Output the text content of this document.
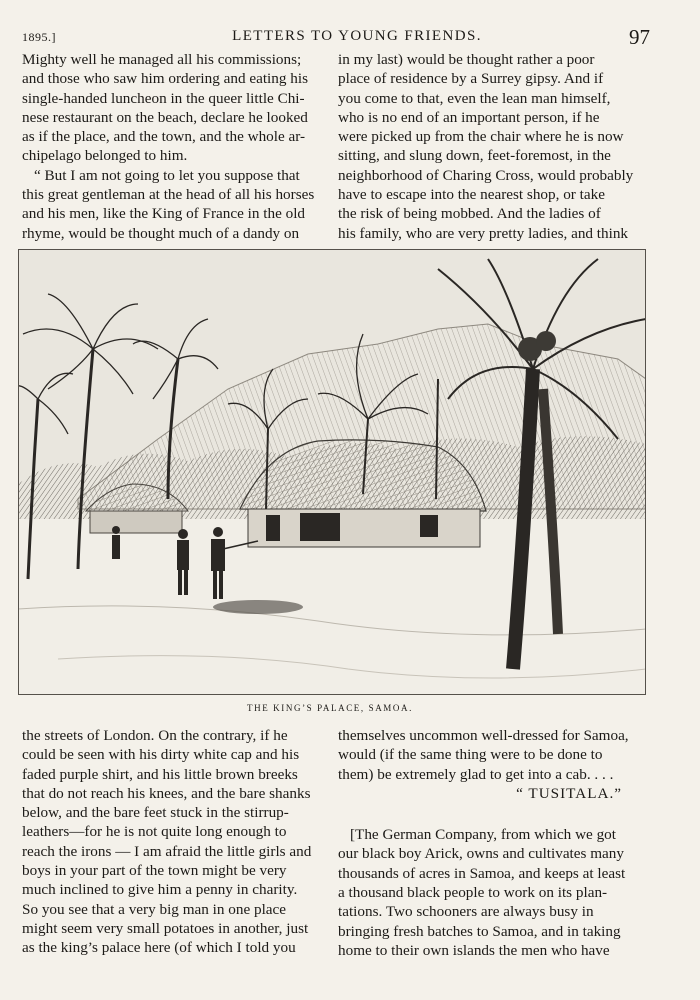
1895.]	LETTERS TO YOUNG FRIENDS.	97

Mighty well he managed all his commissions;
and those who saw him ordering and eating his
single-handed luncheon in the queer little Chi-
nese restaurant on the beach, declare he looked
as if the place, and the town, and the whole ar-
chipelago belonged to him.

“ But I am not going to let you suppose that
this great gentleman at the head of all his horses
and his men, like the King of France in the old
rhyme, would be thought much of a dandy on

in my last) would be thought rather a poor
place of residence by a Surrey gipsy. And if
you come to that, even the lean man himself,
who is no end of an important person, if he
were picked up from the chair where he is now
sitting, and slung down, feet-foremost, in the
neighborhood of Charing Cross, would probably
have to escape into the nearest shop, or take
the risk of being mobbed. And the ladies of
his family, who are very pretty ladies, and think

THE KING’S PALACE, SAMOA.

the streets of London. On the contrary, if he
could be seen with his dirty white cap and his
faded purple shirt, and his little brown breeks
that do not reach his knees, and the bare shanks
below, and the bare feet stuck in the stirrup-
leathers—for he is not quite long enough to
reach the irons — I am afraid the little girls and
boys in your part of the town might be very
much inclined to give him a penny in charity.
So you see that a very big man in one place
might seem very small potatoes in another, just
as the king’s palace here (of which I told you

themselves uncommon well-dressed for Samoa,
would (if the same thing were to be done to
them) be extremely glad to get into a cab. . . .

“ TUSITALA.”

[The German Company, from which we got
our black boy Arick, owns and cultivates many
thousands of acres in Samoa, and keeps at least
a thousand black people to work on its plan-
tations. Two schooners are always busy in
bringing fresh batches to Samoa, and in taking
home to their own islands the men who have
